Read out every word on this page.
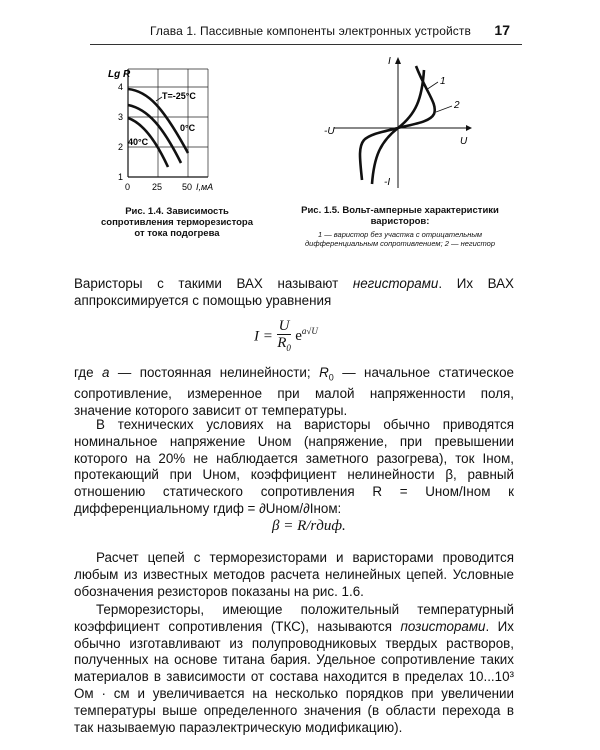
Глава 1. Пассивные компоненты электронных устройств 17
Lg R
4
3
2
1
0 25 50 I,мА
T=-25°C
0°C
40°C
Рис. 1.4. Зависимость сопротивления терморезистора от тока подогрева
I
U
-U
-I
1
2
Рис. 1.5. Вольт-амперные характеристики варисторов:
1 — варистор без участка с отрицательным дифференциальным сопротивлением; 2 — негистор
Варисторы с такими ВАХ называют негисторами. Их ВАХ аппроксимируется с помощью уравнения
$I = \frac{U}{R_0} e^{a√U}$
где a — постоянная нелинейности; $R_0$ — начальное статическое сопротивление, измеренное при малой напряженности поля, значение которого зависит от температуры.
В технических условиях на варисторы обычно приводятся номинальное напряжение Uном (напряжение, при превышении которого на 20% не наблюдается заметного разогрева), ток Iном, протекающий при Uном, коэффициент нелинейности β, равный отношению статического сопротивления R = Uном/Iном к дифференциальному rдиф = ∂Uном/∂Iном:
β = R/rдиф.
Расчет цепей с терморезисторами и варисторами проводится любым из известных методов расчета нелинейных цепей. Условные обозначения резисторов показаны на рис. 1.6.
Терморезисторы, имеющие положительный температурный коэффициент сопротивления (ТКС), называются позисторами. Их обычно изготавливают из полупроводниковых твердых растворов, полученных на основе титана бария. Удельное сопротивление таких материалов в зависимости от состава находится в пределах 10...10³ Ом · см и увеличивается на несколько порядков при увеличении температуры выше определенного значения (в области перехода в так называемую параэлектрическую модификацию).
